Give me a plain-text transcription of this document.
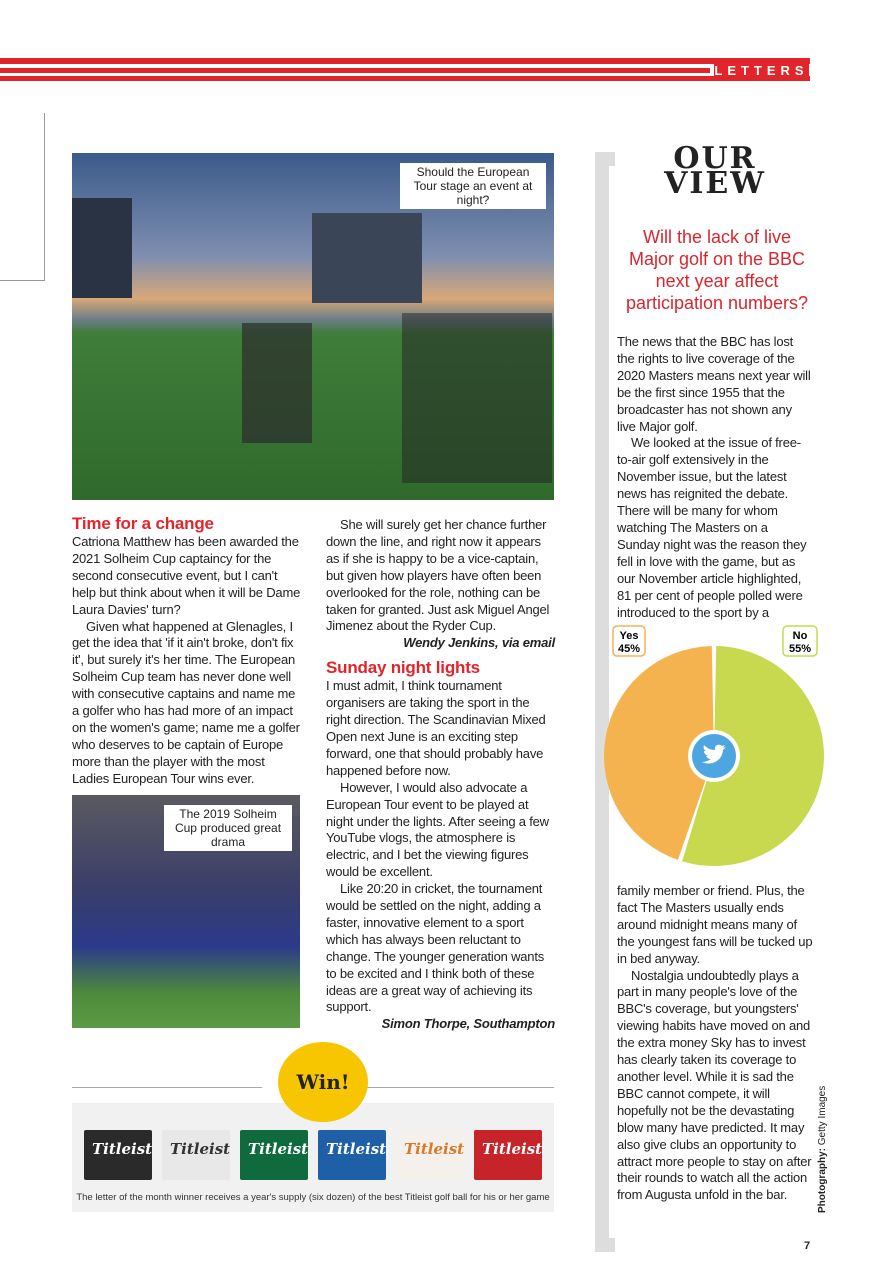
LETTERS
Should the European Tour stage an event at night?
Time for a change

Catriona Matthew has been awarded the 2021 Solheim Cup captaincy for the second consecutive event, but I can't help but think about when it will be Dame Laura Davies' turn?

Given what happened at Glenagles, I get the idea that 'if it ain't broke, don't fix it', but surely it's her time. The European Solheim Cup team has never done well with consecutive captains and name me a golfer who has had more of an impact on the women's game; name me a golfer who deserves to be captain of Europe more than the player with the most Ladies European Tour wins ever.

The 2019 Solheim Cup produced great drama

She will surely get her chance further down the line, and right now it appears as if she is happy to be a vice-captain, but given how players have often been overlooked for the role, nothing can be taken for granted. Just ask Miguel Angel Jimenez about the Ryder Cup.

Wendy Jenkins, via email

Sunday night lights

I must admit, I think tournament organisers are taking the sport in the right direction. The Scandinavian Mixed Open next June is an exciting step forward, one that should probably have happened before now.

However, I would also advocate a European Tour event to be played at night under the lights. After seeing a few YouTube vlogs, the atmosphere is electric, and I bet the viewing figures would be excellent.

Like 20:20 in cricket, the tournament would be settled on the night, adding a faster, innovative element to a sport which has always been reluctant to change. The younger generation wants to be excited and I think both of these ideas are a great way of achieving its support.

Simon Thorpe, Southampton

Win!
Titleist Titleist Titleist Titleist Titleist Titleist
The letter of the month winner receives a year's supply (six dozen) of the best Titleist golf ball for his or her game
OUR VIEW
Will the lack of live Major golf on the BBC next year affect participation numbers?

The news that the BBC has lost the rights to live coverage of the 2020 Masters means next year will be the first since 1955 that the broadcaster has not shown any live Major golf.

We looked at the issue of free-to-air golf extensively in the November issue, but the latest news has reignited the debate. There will be many for whom watching The Masters on a Sunday night was the reason they fell in love with the game, but as our November article highlighted, 81 per cent of people polled were introduced to the sport by a

Yes
45%
No
55%

family member or friend. Plus, the fact The Masters usually ends around midnight means many of the youngest fans will be tucked up in bed anyway.

Nostalgia undoubtedly plays a part in many people's love of the BBC's coverage, but youngsters' viewing habits have moved on and the extra money Sky has to invest has clearly taken its coverage to another level. While it is sad the BBC cannot compete, it will hopefully not be the devastating blow many have predicted. It may also give clubs an opportunity to attract more people to stay on after their rounds to watch all the action from Augusta unfold in the bar.	Photography: Getty Images
7
